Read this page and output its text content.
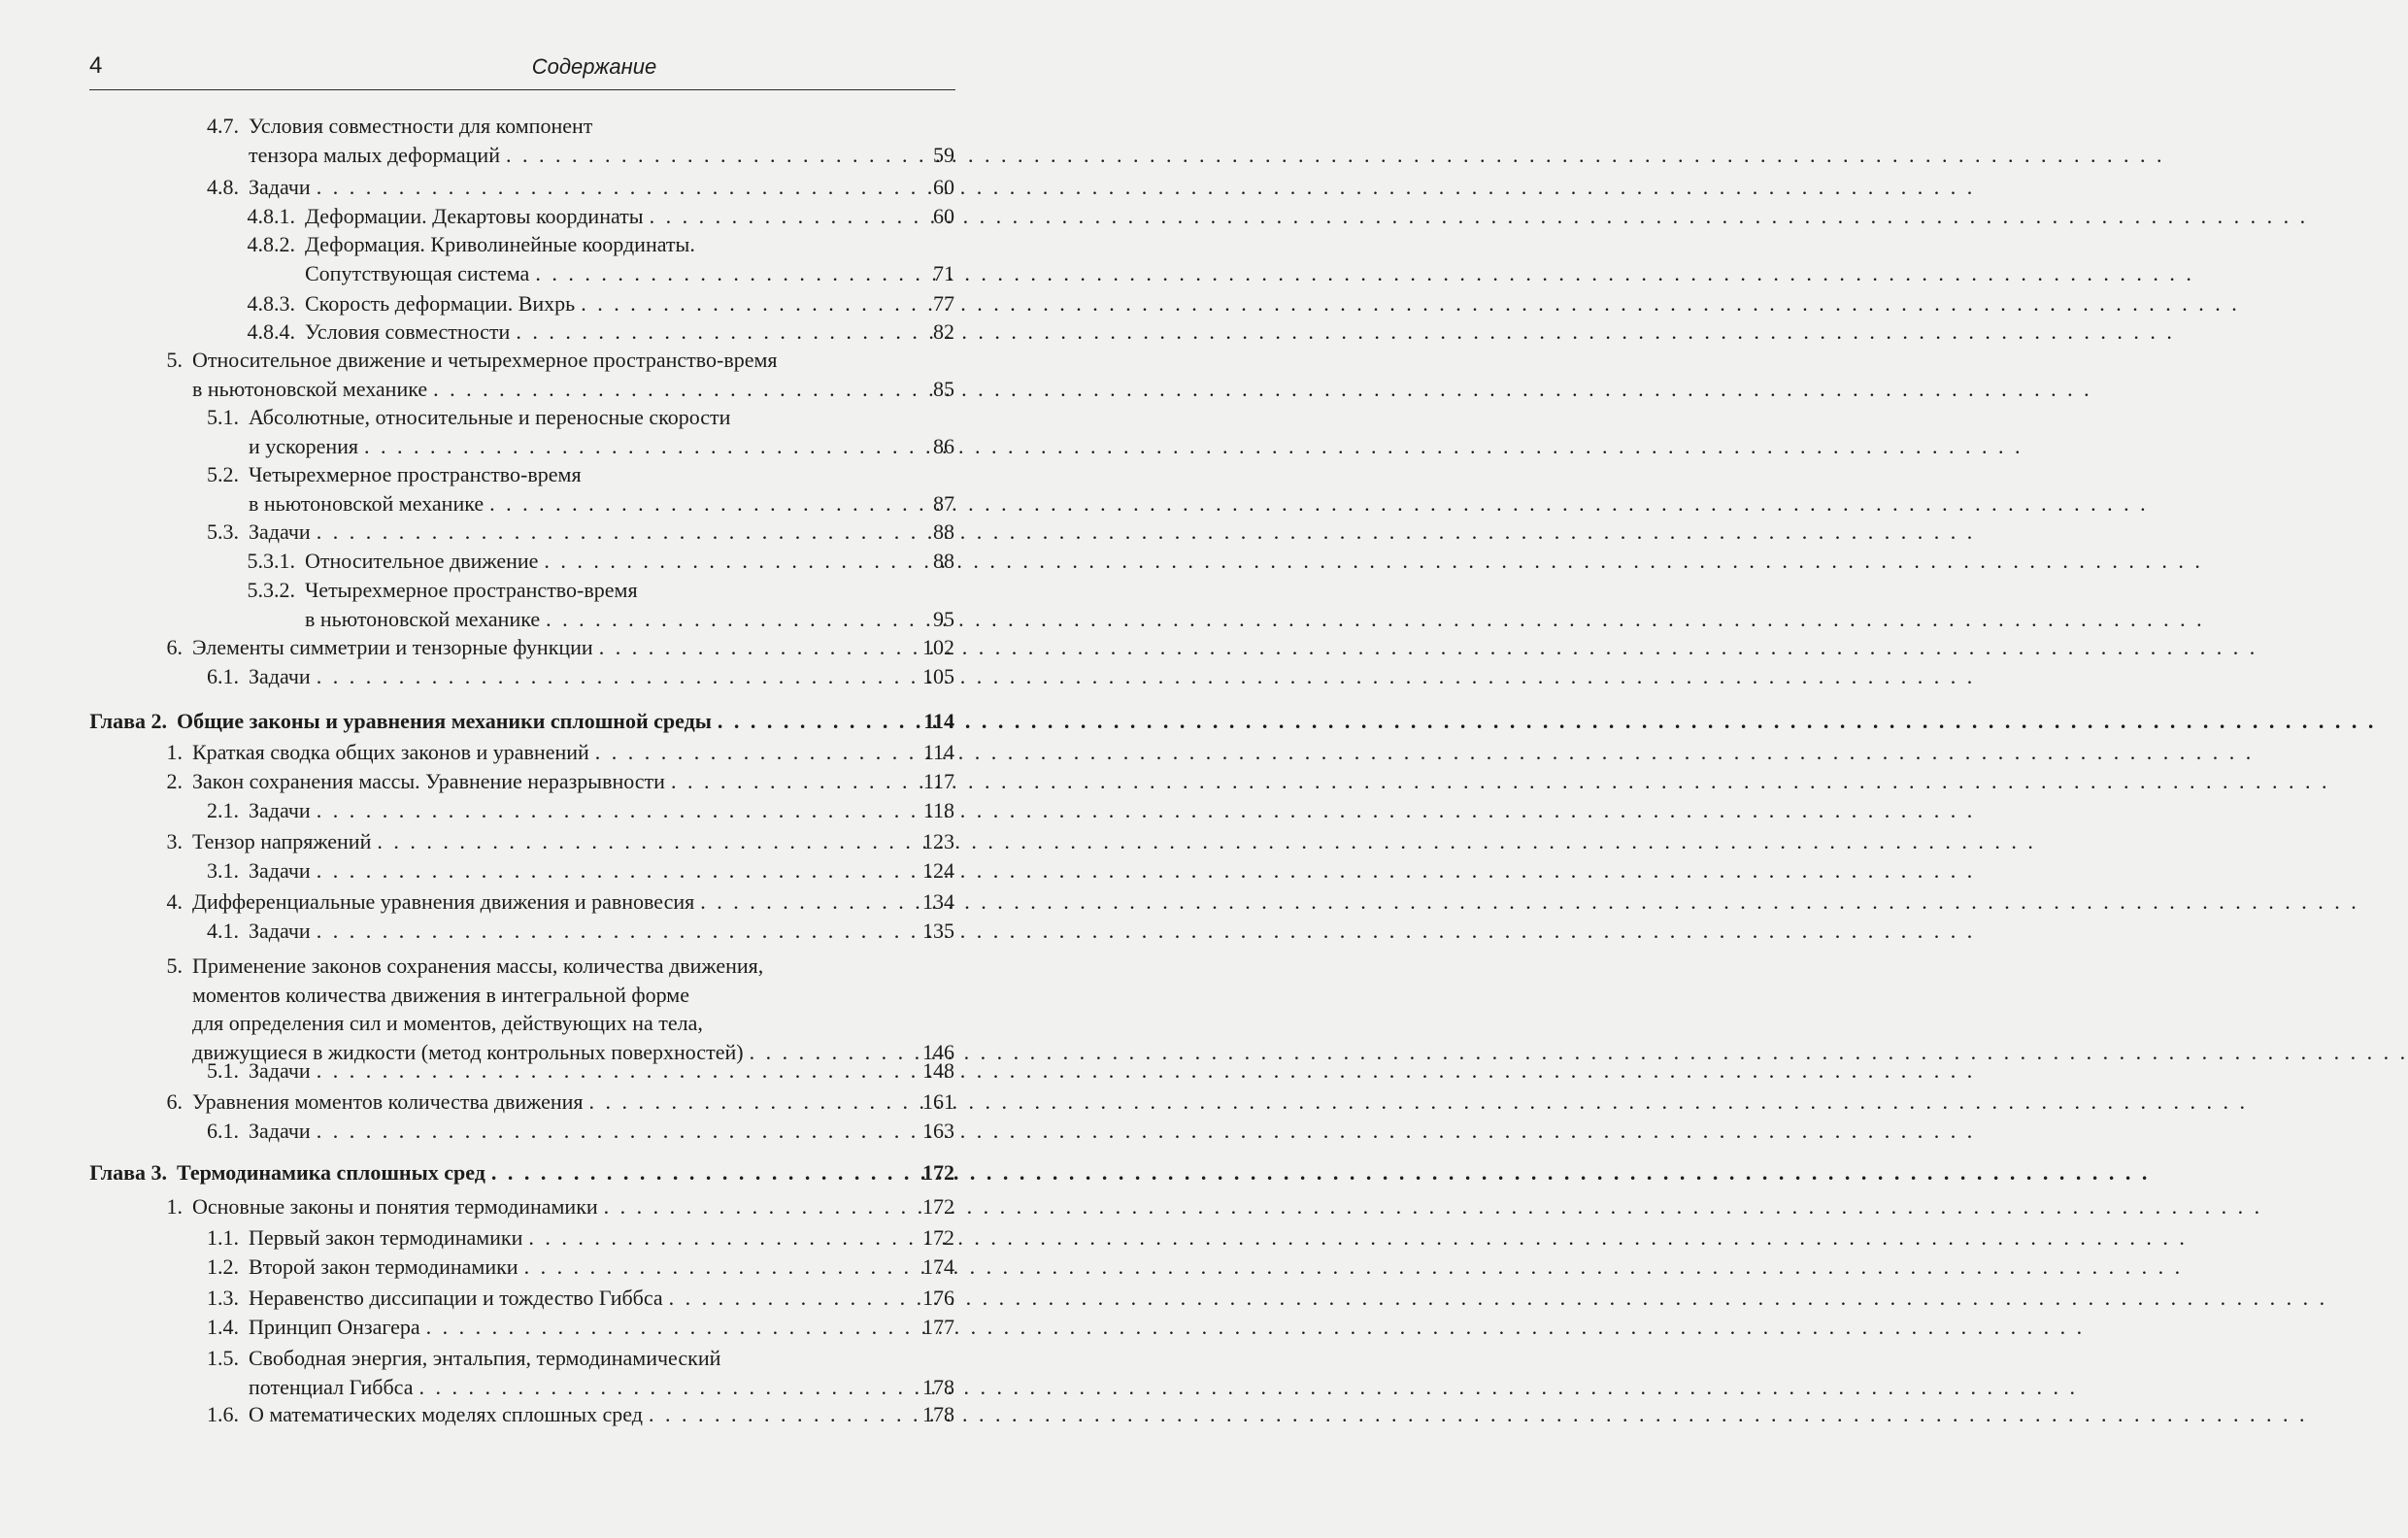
4	Содержание
4.7. Условия совместности для компонент
тензора малых деформаций . . .	59
4.8. Задачи . . .	60
4.8.1. Деформации. Декартовы координаты . . .	60
4.8.2. Деформация. Криволинейные координаты.
Сопутствующая система . . .	71
4.8.3. Скорость деформации. Вихрь . . .	77
4.8.4. Условия совместности . . .	82
5. Относительное движение и четырехмерное пространство-время
в ньютоновской механике . . .	85
5.1. Абсолютные, относительные и переносные скорости
и ускорения . . .	86
5.2. Четырехмерное пространство-время
в ньютоновской механике . . .	87
5.3. Задачи . . .	88
5.3.1. Относительное движение . . .	88
5.3.2. Четырехмерное пространство-время
в ньютоновской механике . . .	95
6. Элементы симметрии и тензорные функции . . .	102
6.1. Задачи . . .	105
Глава 2. Общие законы и уравнения механики сплошной среды . . .	114
1. Краткая сводка общих законов и уравнений . . .	114
2. Закон сохранения массы. Уравнение неразрывности . . .	117
2.1. Задачи . . .	118
3. Тензор напряжений . . .	123
3.1. Задачи . . .	124
4. Дифференциальные уравнения движения и равновесия . . .	134
4.1. Задачи . . .	135
5. Применение законов сохранения массы, количества движения,
моментов количества движения в интегральной форме
для определения сил и моментов, действующих на тела,
движущиеся в жидкости (метод контрольных поверхностей) . . .	146
5.1. Задачи . . .	148
6. Уравнения моментов количества движения . . .	161
6.1. Задачи . . .	163
Глава 3. Термодинамика сплошных сред . . .	172
1. Основные законы и понятия термодинамики . . .	172
1.1. Первый закон термодинамики . . .	172
1.2. Второй закон термодинамики . . .	174
1.3. Неравенство диссипации и тождество Гиббса . . .	176
1.4. Принцип Онзагера . . .	177
1.5. Свободная энергия, энтальпия, термодинамический
потенциал Гиббса . . .	178
1.6. О математических моделях сплошных сред . . .	178
